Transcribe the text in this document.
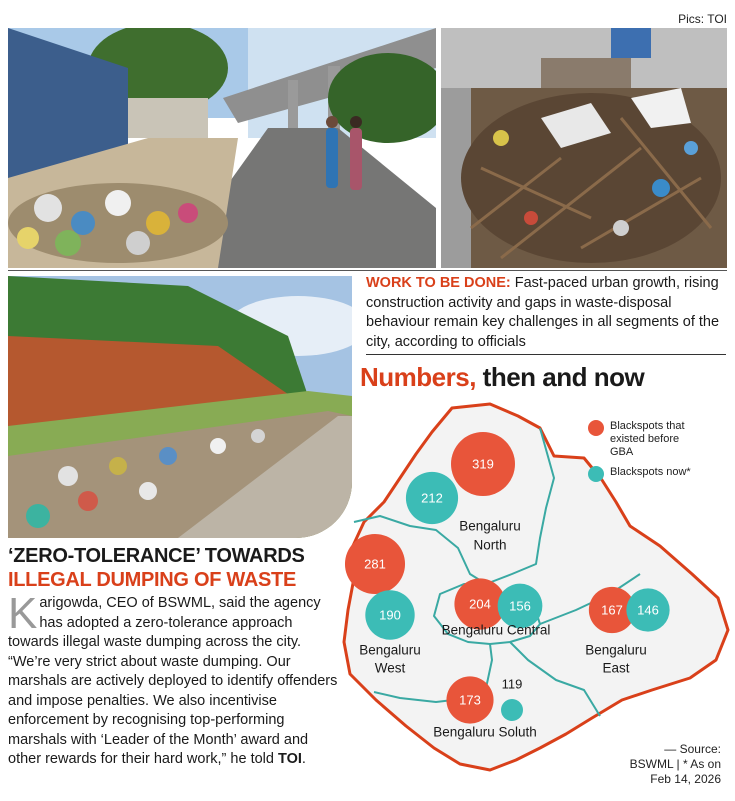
Pics: TOI
WORK TO BE DONE: Fast-paced urban growth, rising construction activity and gaps in waste-disposal behaviour remain key challenges in all segments of the city, according to officials
Numbers, then and now
‘ZERO-TOLERANCE’ TOWARDS
ILLEGAL DUMPING OF WASTE
Karigowda, CEO of BSWML, said the agency has adopted a zero-tolerance approach towards illegal waste dumping across the city. “We’re very strict about waste dumping. Our marshals are actively deployed to identify offenders and impose penalties. We also incentivise enforcement by recognising top-performing marshals with ‘Leader of the Month’ award and other rewards for their hard work,” he told TOI.
319
212
Bengaluru
North
281
190
Bengaluru
West
204 156
Bengaluru Central
167 146
Bengaluru
East
173
119
Bengaluru Soluth
Blackspots that existed before GBA
Blackspots now*
— Source:
BSWML | * As on
Feb 14, 2026
